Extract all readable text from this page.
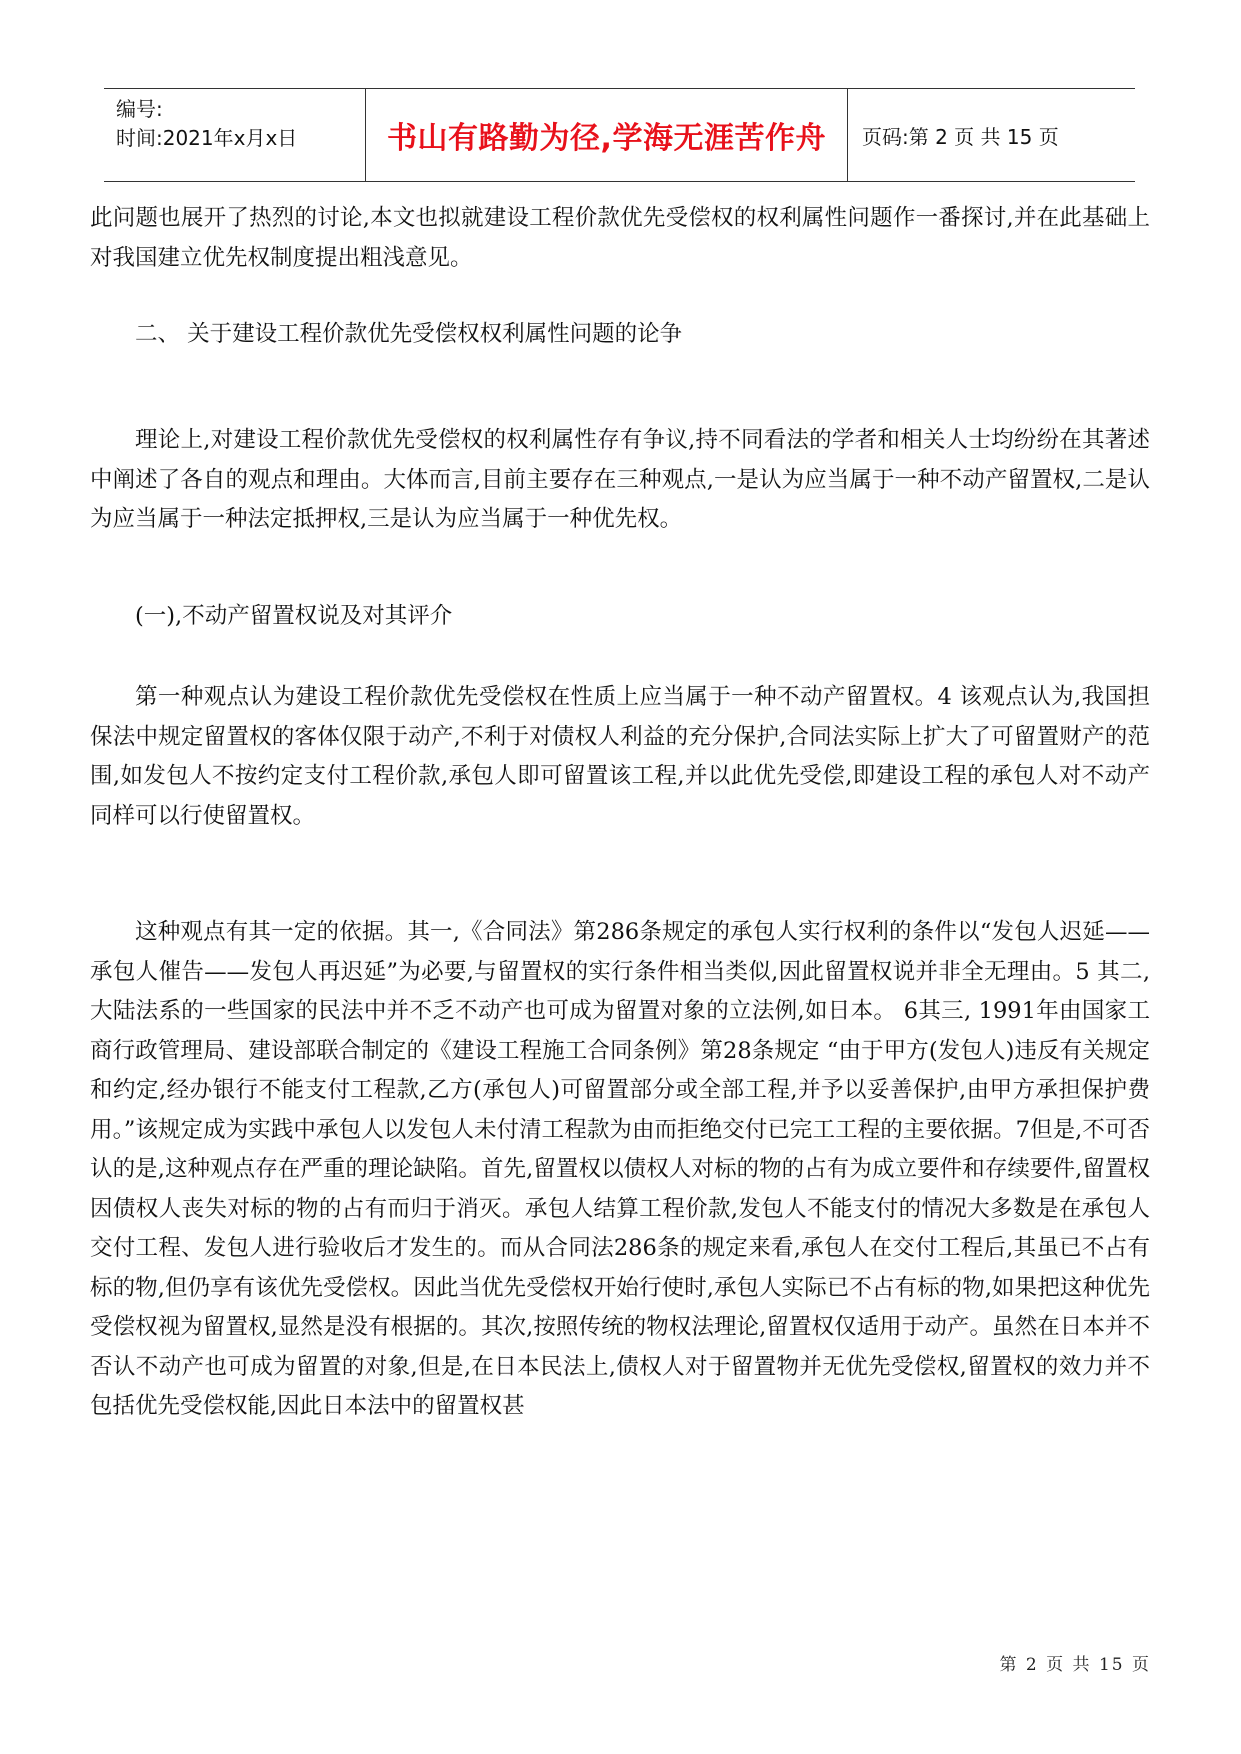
编号:
时间:2021年x月x日	书山有路勤为径,学海无涯苦作舟	页码:第 2 页 共 15 页

此问题也展开了热烈的讨论,本文也拟就建设工程价款优先受偿权的权利属性问题作一番探讨,并在此基础上对我国建立优先权制度提出粗浅意见。

二、 关于建设工程价款优先受偿权权利属性问题的论争

理论上,对建设工程价款优先受偿权的权利属性存有争议,持不同看法的学者和相关人士均纷纷在其著述中阐述了各自的观点和理由。大体而言,目前主要存在三种观点,一是认为应当属于一种不动产留置权,二是认为应当属于一种法定抵押权,三是认为应当属于一种优先权。

(一),不动产留置权说及对其评介

第一种观点认为建设工程价款优先受偿权在性质上应当属于一种不动产留置权。4 该观点认为,我国担保法中规定留置权的客体仅限于动产,不利于对债权人利益的充分保护,合同法实际上扩大了可留置财产的范围,如发包人不按约定支付工程价款,承包人即可留置该工程,并以此优先受偿,即建设工程的承包人对不动产同样可以行使留置权。

这种观点有其一定的依据。其一,《合同法》第286条规定的承包人实行权利的条件以“发包人迟延——承包人催告——发包人再迟延”为必要,与留置权的实行条件相当类似,因此留置权说并非全无理由。5 其二,大陆法系的一些国家的民法中并不乏不动产也可成为留置对象的立法例,如日本。 6其三, 1991年由国家工商行政管理局、建设部联合制定的《建设工程施工合同条例》第28条规定 “由于甲方(发包人)违反有关规定和约定,经办银行不能支付工程款,乙方(承包人)可留置部分或全部工程,并予以妥善保护,由甲方承担保护费用。”该规定成为实践中承包人以发包人未付清工程款为由而拒绝交付已完工工程的主要依据。7但是,不可否认的是,这种观点存在严重的理论缺陷。首先,留置权以债权人对标的物的占有为成立要件和存续要件,留置权因债权人丧失对标的物的占有而归于消灭。承包人结算工程价款,发包人不能支付的情况大多数是在承包人交付工程、发包人进行验收后才发生的。而从合同法286条的规定来看,承包人在交付工程后,其虽已不占有标的物,但仍享有该优先受偿权。因此当优先受偿权开始行使时,承包人实际已不占有标的物,如果把这种优先受偿权视为留置权,显然是没有根据的。其次,按照传统的物权法理论,留置权仅适用于动产。虽然在日本并不否认不动产也可成为留置的对象,但是,在日本民法上,债权人对于留置物并无优先受偿权,留置权的效力并不包括优先受偿权能,因此日本法中的留置权甚

第 2 页 共 15 页
